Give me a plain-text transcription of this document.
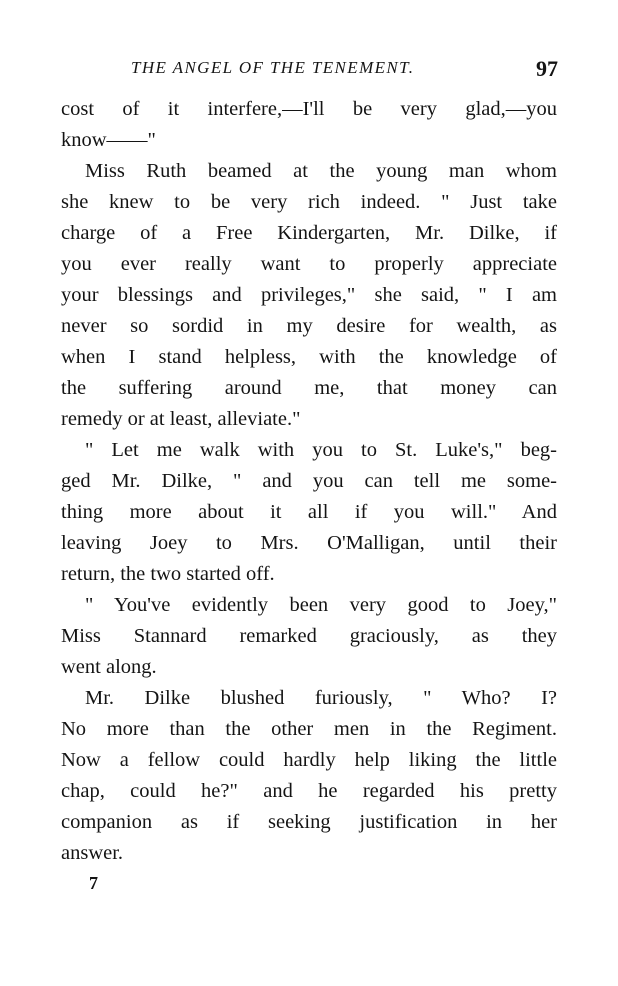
THE ANGEL OF THE TENEMENT.	97
cost of it interfere,—I'll be very glad,—you
know——"
Miss Ruth beamed at the young man whom
she knew to be very rich indeed. " Just take
charge of a Free Kindergarten, Mr. Dilke, if
you ever really want to properly appreciate
your blessings and privileges," she said, " I am
never so sordid in my desire for wealth, as
when I stand helpless, with the knowledge of
the suffering around me, that money can
remedy or at least, alleviate."
" Let me walk with you to St. Luke's," beg-
ged Mr. Dilke, " and you can tell me some-
thing more about it all if you will." And
leaving Joey to Mrs. O'Malligan, until their
return, the two started off.
" You've evidently been very good to Joey,"
Miss Stannard remarked graciously, as they
went along.
Mr. Dilke blushed furiously, " Who? I?
No more than the other men in the Regiment.
Now a fellow could hardly help liking the little
chap, could he?" and he regarded his pretty
companion as if seeking justification in her
answer.
7
